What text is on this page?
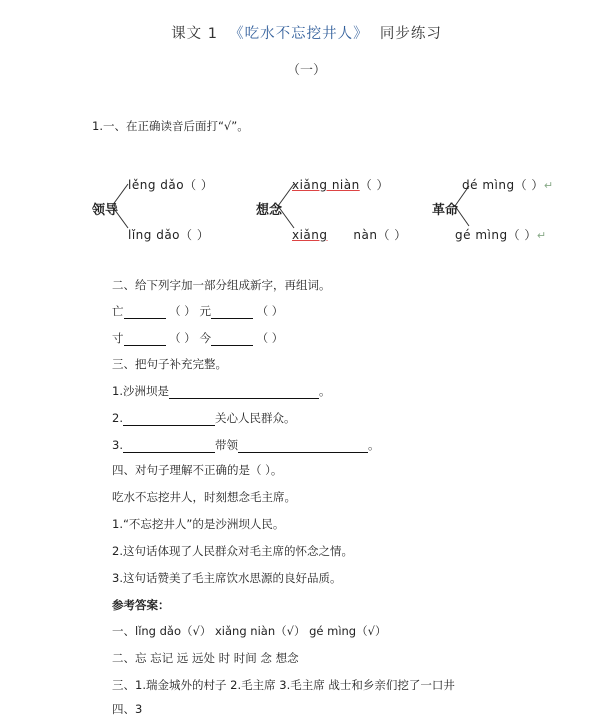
课文 1 《吃水不忘挖井人》 同步练习
（一）
1.一、在正确读音后面打“√”。
领导
lěng dǎo（ ）
lǐng dǎo（ ）
想念
xiǎng niàn（ ）
xiǎng nàn（ ）
革命
dé mìng（ ）↵
gé mìng（ ）↵
二、给下列字加一部分组成新字，再组词。
亡	（ ） 元	（ ）
寸	（ ） 今	（ ）
三、把句子补充完整。
1.沙洲坝是	。
2.	关心人民群众。
3.	带领	。
四、对句子理解不正确的是（ ）。
吃水不忘挖井人，时刻想念毛主席。
1.“不忘挖井人”的是沙洲坝人民。
2.这句话体现了人民群众对毛主席的怀念之情。
3.这句话赞美了毛主席饮水思源的良好品质。
参考答案：
一、lǐng dǎo（√） xiǎng niàn（√） gé mìng（√）
二、忘 忘记 远 远处 时 时间 念 想念
三、1.瑞金城外的村子 2.毛主席 3.毛主席 战士和乡亲们挖了一口井
四、3
